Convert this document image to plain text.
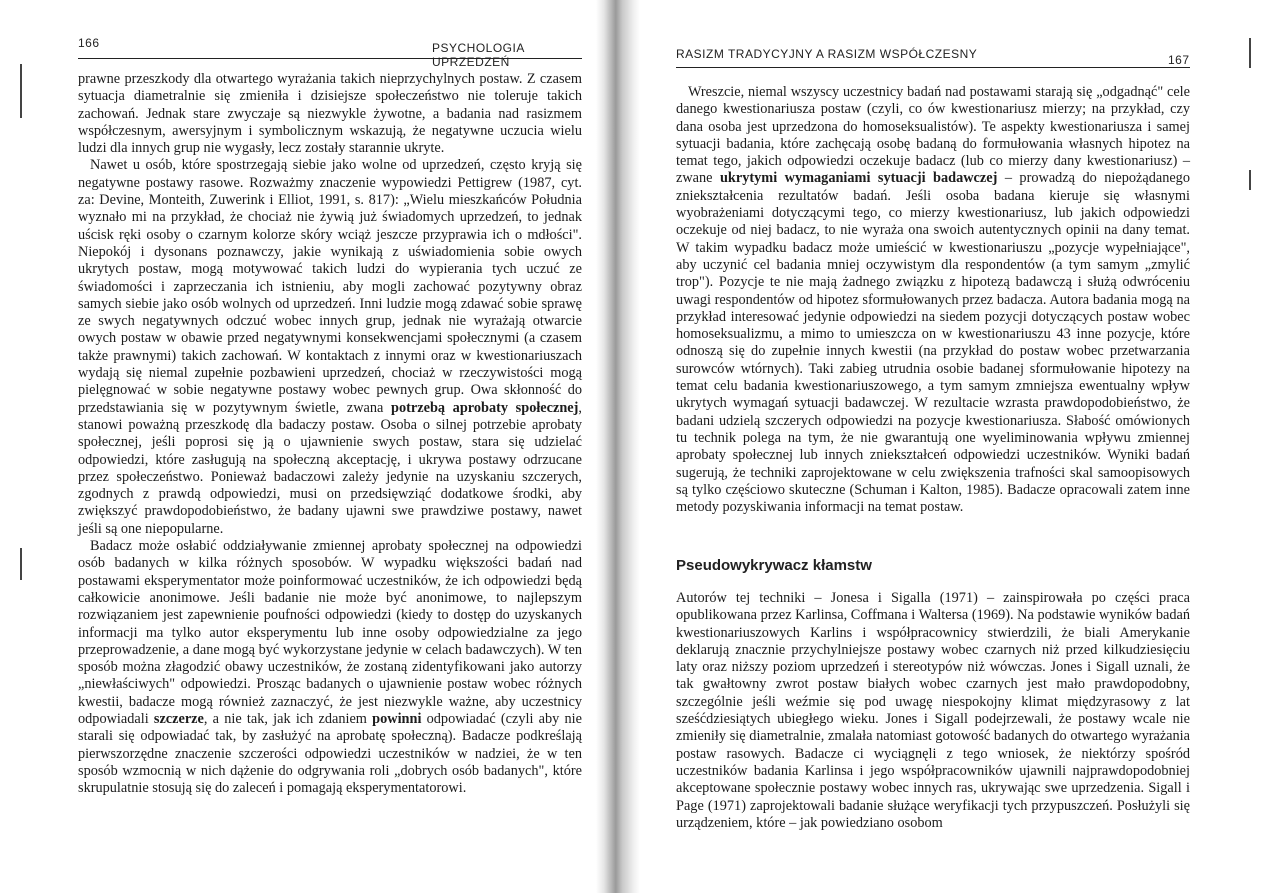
166	PSYCHOLOGIA UPRZEDZEŃ

prawne przeszkody dla otwartego wyrażania takich nieprzychylnych postaw. Z czasem sytuacja diametralnie się zmieniła i dzisiejsze społeczeństwo nie toleruje takich zachowań. Jednak stare zwyczaje są niezwykle żywotne, a badania nad rasizmem współczesnym, awersyjnym i symbolicznym wskazują, że negatywne uczucia wielu ludzi dla innych grup nie wygasły, lecz zostały starannie ukryte.

Nawet u osób, które spostrzegają siebie jako wolne od uprzedzeń, często kryją się negatywne postawy rasowe. Rozważmy znaczenie wypowiedzi Pettigrew (1987, cyt. za: Devine, Monteith, Zuwerink i Elliot, 1991, s. 817): „Wielu mieszkańców Południa wyznało mi na przykład, że chociaż nie żywią już świadomych uprzedzeń, to jednak uścisk ręki osoby o czarnym kolorze skóry wciąż jeszcze przyprawia ich o mdłości". Niepokój i dysonans poznawczy, jakie wynikają z uświadomienia sobie owych ukrytych postaw, mogą motywować takich ludzi do wypierania tych uczuć ze świadomości i zaprzeczania ich istnieniu, aby mogli zachować pozytywny obraz samych siebie jako osób wolnych od uprzedzeń. Inni ludzie mogą zdawać sobie sprawę ze swych negatywnych odczuć wobec innych grup, jednak nie wyrażają otwarcie owych postaw w obawie przed negatywnymi konsekwencjami społecznymi (a czasem także prawnymi) takich zachowań. W kontaktach z innymi oraz w kwestionariuszach wydają się niemal zupełnie pozbawieni uprzedzeń, chociaż w rzeczywistości mogą pielęgnować w sobie negatywne postawy wobec pewnych grup. Owa skłonność do przedstawiania się w pozytywnym świetle, zwana potrzebą aprobaty społecznej, stanowi poważną przeszkodę dla badaczy postaw. Osoba o silnej potrzebie aprobaty społecznej, jeśli poprosi się ją o ujawnienie swych postaw, stara się udzielać odpowiedzi, które zasługują na społeczną akceptację, i ukrywa postawy odrzucane przez społeczeństwo. Ponieważ badaczowi zależy jedynie na uzyskaniu szczerych, zgodnych z prawdą odpowiedzi, musi on przedsięwziąć dodatkowe środki, aby zwiększyć prawdopodobieństwo, że badany ujawni swe prawdziwe postawy, nawet jeśli są one niepopularne.

Badacz może osłabić oddziaływanie zmiennej aprobaty społecznej na odpowiedzi osób badanych w kilka różnych sposobów. W wypadku większości badań nad postawami eksperymentator może poinformować uczestników, że ich odpowiedzi będą całkowicie anonimowe. Jeśli badanie nie może być anonimowe, to najlepszym rozwiązaniem jest zapewnienie poufności odpowiedzi (kiedy to dostęp do uzyskanych informacji ma tylko autor eksperymentu lub inne osoby odpowiedzialne za jego przeprowadzenie, a dane mogą być wykorzystane jedynie w celach badawczych). W ten sposób można złagodzić obawy uczestników, że zostaną zidentyfikowani jako autorzy „niewłaściwych" odpowiedzi. Prosząc badanych o ujawnienie postaw wobec różnych kwestii, badacze mogą również zaznaczyć, że jest niezwykle ważne, aby uczestnicy odpowiadali szczerze, a nie tak, jak ich zdaniem powinni odpowiadać (czyli aby nie starali się odpowiadać tak, by zasłużyć na aprobatę społeczną). Badacze podkreślają pierwszorzędne znaczenie szczerości odpowiedzi uczestników w nadziei, że w ten sposób wzmocnią w nich dążenie do odgrywania roli „dobrych osób badanych", które skrupulatnie stosują się do zaleceń i pomagają eksperymentatorowi.

RASIZM TRADYCYJNY A RASIZM WSPÓŁCZESNY	167

Wreszcie, niemal wszyscy uczestnicy badań nad postawami starają się „odgadnąć" cele danego kwestionariusza postaw (czyli, co ów kwestionariusz mierzy; na przykład, czy dana osoba jest uprzedzona do homoseksualistów). Te aspekty kwestionariusza i samej sytuacji badania, które zachęcają osobę badaną do formułowania własnych hipotez na temat tego, jakich odpowiedzi oczekuje badacz (lub co mierzy dany kwestionariusz) – zwane ukrytymi wymaganiami sytuacji badawczej – prowadzą do niepożądanego zniekształcenia rezultatów badań. Jeśli osoba badana kieruje się własnymi wyobrażeniami dotyczącymi tego, co mierzy kwestionariusz, lub jakich odpowiedzi oczekuje od niej badacz, to nie wyraża ona swoich autentycznych opinii na dany temat. W takim wypadku badacz może umieścić w kwestionariuszu „pozycje wypełniające", aby uczynić cel badania mniej oczywistym dla respondentów (a tym samym „zmylić trop"). Pozycje te nie mają żadnego związku z hipotezą badawczą i służą odwróceniu uwagi respondentów od hipotez sformułowanych przez badacza. Autora badania mogą na przykład interesować jedynie odpowiedzi na siedem pozycji dotyczących postaw wobec homoseksualizmu, a mimo to umieszcza on w kwestionariuszu 43 inne pozycje, które odnoszą się do zupełnie innych kwestii (na przykład do postaw wobec przetwarzania surowców wtórnych). Taki zabieg utrudnia osobie badanej sformułowanie hipotezy na temat celu badania kwestionariuszowego, a tym samym zmniejsza ewentualny wpływ ukrytych wymagań sytuacji badawczej. W rezultacie wzrasta prawdopodobieństwo, że badani udzielą szczerych odpowiedzi na pozycje kwestionariusza. Słabość omówionych tu technik polega na tym, że nie gwarantują one wyeliminowania wpływu zmiennej aprobaty społecznej lub innych zniekształceń odpowiedzi uczestników. Wyniki badań sugerują, że techniki zaprojektowane w celu zwiększenia trafności skal samoopisowych są tylko częściowo skuteczne (Schuman i Kalton, 1985). Badacze opracowali zatem inne metody pozyskiwania informacji na temat postaw.

Autorów tej techniki – Jonesa i Sigalla (1971) – zainspirowała po części praca opublikowana przez Karlinsa, Coffmana i Waltersa (1969). Na podstawie wyników badań kwestionariuszowych Karlins i współpracownicy stwierdzili, że biali Amerykanie deklarują znacznie przychylniejsze postawy wobec czarnych niż przed kilkudziesięciu laty oraz niższy poziom uprzedzeń i stereotypów niż wówczas. Jones i Sigall uznali, że tak gwałtowny zwrot postaw białych wobec czarnych jest mało prawdopodobny, szczególnie jeśli weźmie się pod uwagę niespokojny klimat międzyrasowy z lat sześćdziesiątych ubiegłego wieku. Jones i Sigall podejrzewali, że postawy wcale nie zmieniły się diametralnie, zmalała natomiast gotowość badanych do otwartego wyrażania postaw rasowych. Badacze ci wyciągnęli z tego wniosek, że niektórzy spośród uczestników badania Karlinsa i jego współpracowników ujawnili najprawdopodobniej akceptowane społecznie postawy wobec innych ras, ukrywając swe uprzedzenia. Sigall i Page (1971) zaprojektowali badanie służące weryfikacji tych przypuszczeń. Posłużyli się urządzeniem, które – jak powiedziano osobom

Pseudowykrywacz kłamstw
